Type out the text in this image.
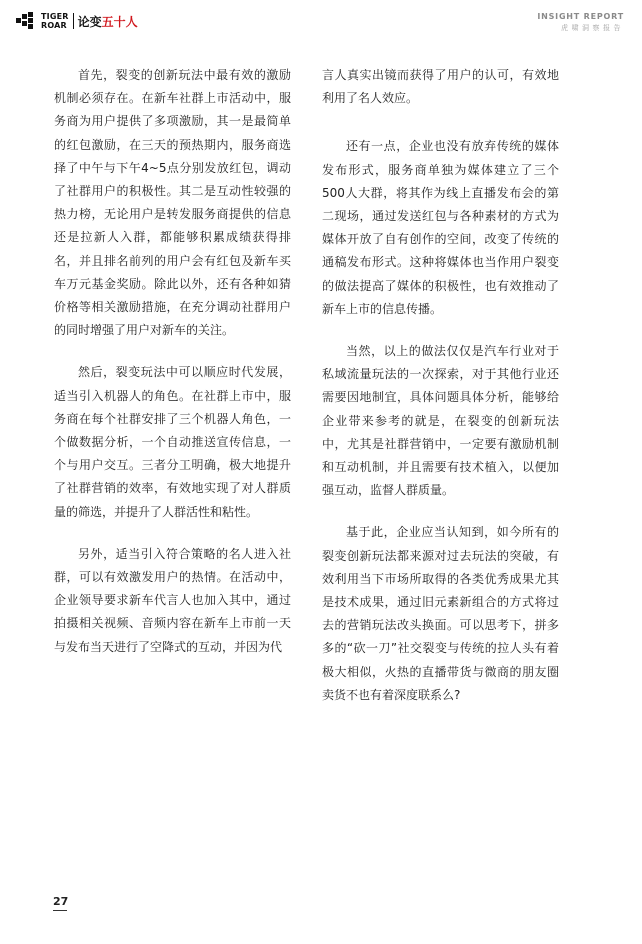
TIGER
ROAR 论变五十人	INSIGHT REPORT
虎啸洞察报告

首先，裂变的创新玩法中最有效的激励机制必须存在。在新车社群上市活动中，服务商为用户提供了多项激励，其一是最简单的红包激励，在三天的预热期内，服务商选择了中午与下午4~5点分别发放红包，调动了社群用户的积极性。其二是互动性较强的热力榜，无论用户是转发服务商提供的信息还是拉新人入群，都能够积累成绩获得排名，并且排名前列的用户会有红包及新车买车万元基金奖励。除此以外，还有各种如猜价格等相关激励措施，在充分调动社群用户的同时增强了用户对新车的关注。

然后，裂变玩法中可以顺应时代发展，适当引入机器人的角色。在社群上市中，服务商在每个社群安排了三个机器人角色，一个做数据分析，一个自动推送宣传信息，一个与用户交互。三者分工明确，极大地提升了社群营销的效率，有效地实现了对人群质量的筛选，并提升了人群活性和粘性。

另外，适当引入符合策略的名人进入社群，可以有效激发用户的热情。在活动中，企业领导要求新车代言人也加入其中，通过拍摄相关视频、音频内容在新车上市前一天与发布当天进行了空降式的互动，并因为代

言人真实出镜而获得了用户的认可，有效地利用了名人效应。

还有一点，企业也没有放弃传统的媒体发布形式，服务商单独为媒体建立了三个500人大群，将其作为线上直播发布会的第二现场，通过发送红包与各种素材的方式为媒体开放了自有创作的空间，改变了传统的通稿发布形式。这种将媒体也当作用户裂变的做法提高了媒体的积极性，也有效推动了新车上市的信息传播。

当然，以上的做法仅仅是汽车行业对于私域流量玩法的一次探索，对于其他行业还需要因地制宜，具体问题具体分析，能够给企业带来参考的就是，在裂变的创新玩法中，尤其是社群营销中，一定要有激励机制和互动机制，并且需要有技术植入，以便加强互动，监督人群质量。

基于此，企业应当认知到，如今所有的裂变创新玩法都来源对过去玩法的突破，有效利用当下市场所取得的各类优秀成果尤其是技术成果，通过旧元素新组合的方式将过去的营销玩法改头换面。可以思考下，拼多多的“砍一刀”社交裂变与传统的拉人头有着极大相似，火热的直播带货与微商的朋友圈卖货不也有着深度联系么?

27
